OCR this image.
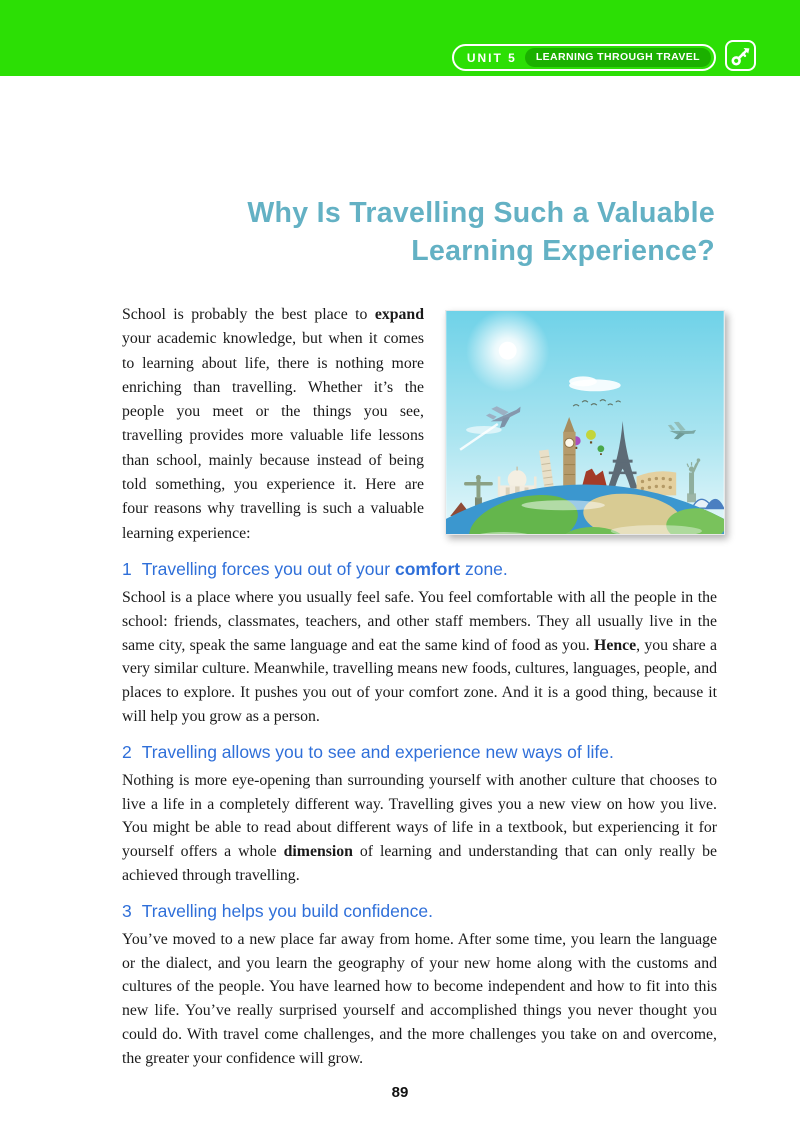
UNIT 5	LEARNING THROUGH TRAVEL
Why Is Travelling Such a Valuable
Learning Experience?

School is probably the best place to expand your academic knowledge, but when it comes to learning about life, there is nothing more enriching than travelling. Whether it’s the people you meet or the things you see, travelling provides more valuable life lessons than school, mainly because instead of being told something, you experience it. Here are four reasons why travelling is such a valuable learning experience:

1 Travelling forces you out of your comfort zone.

School is a place where you usually feel safe. You feel comfortable with all the people in the school: friends, classmates, teachers, and other staff members. They all usually live in the same city, speak the same language and eat the same kind of food as you. Hence, you share a very similar culture. Meanwhile, travelling means new foods, cultures, languages, people, and places to explore. It pushes you out of your comfort zone. And it is a good thing, because it will help you grow as a person.

2 Travelling allows you to see and experience new ways of life.

Nothing is more eye-opening than surrounding yourself with another culture that chooses to live a life in a completely different way. Travelling gives you a new view on how you live. You might be able to read about different ways of life in a textbook, but experiencing it for yourself offers a whole dimension of learning and understanding that can only really be achieved through travelling.

3 Travelling helps you build confidence.

You’ve moved to a new place far away from home. After some time, you learn the language or the dialect, and you learn the geography of your new home along with the customs and cultures of the people. You have learned how to become independent and how to fit into this new life. You’ve really surprised yourself and accomplished things you never thought you could do. With travel come challenges, and the more challenges you take on and overcome, the greater your confidence will grow.

89
